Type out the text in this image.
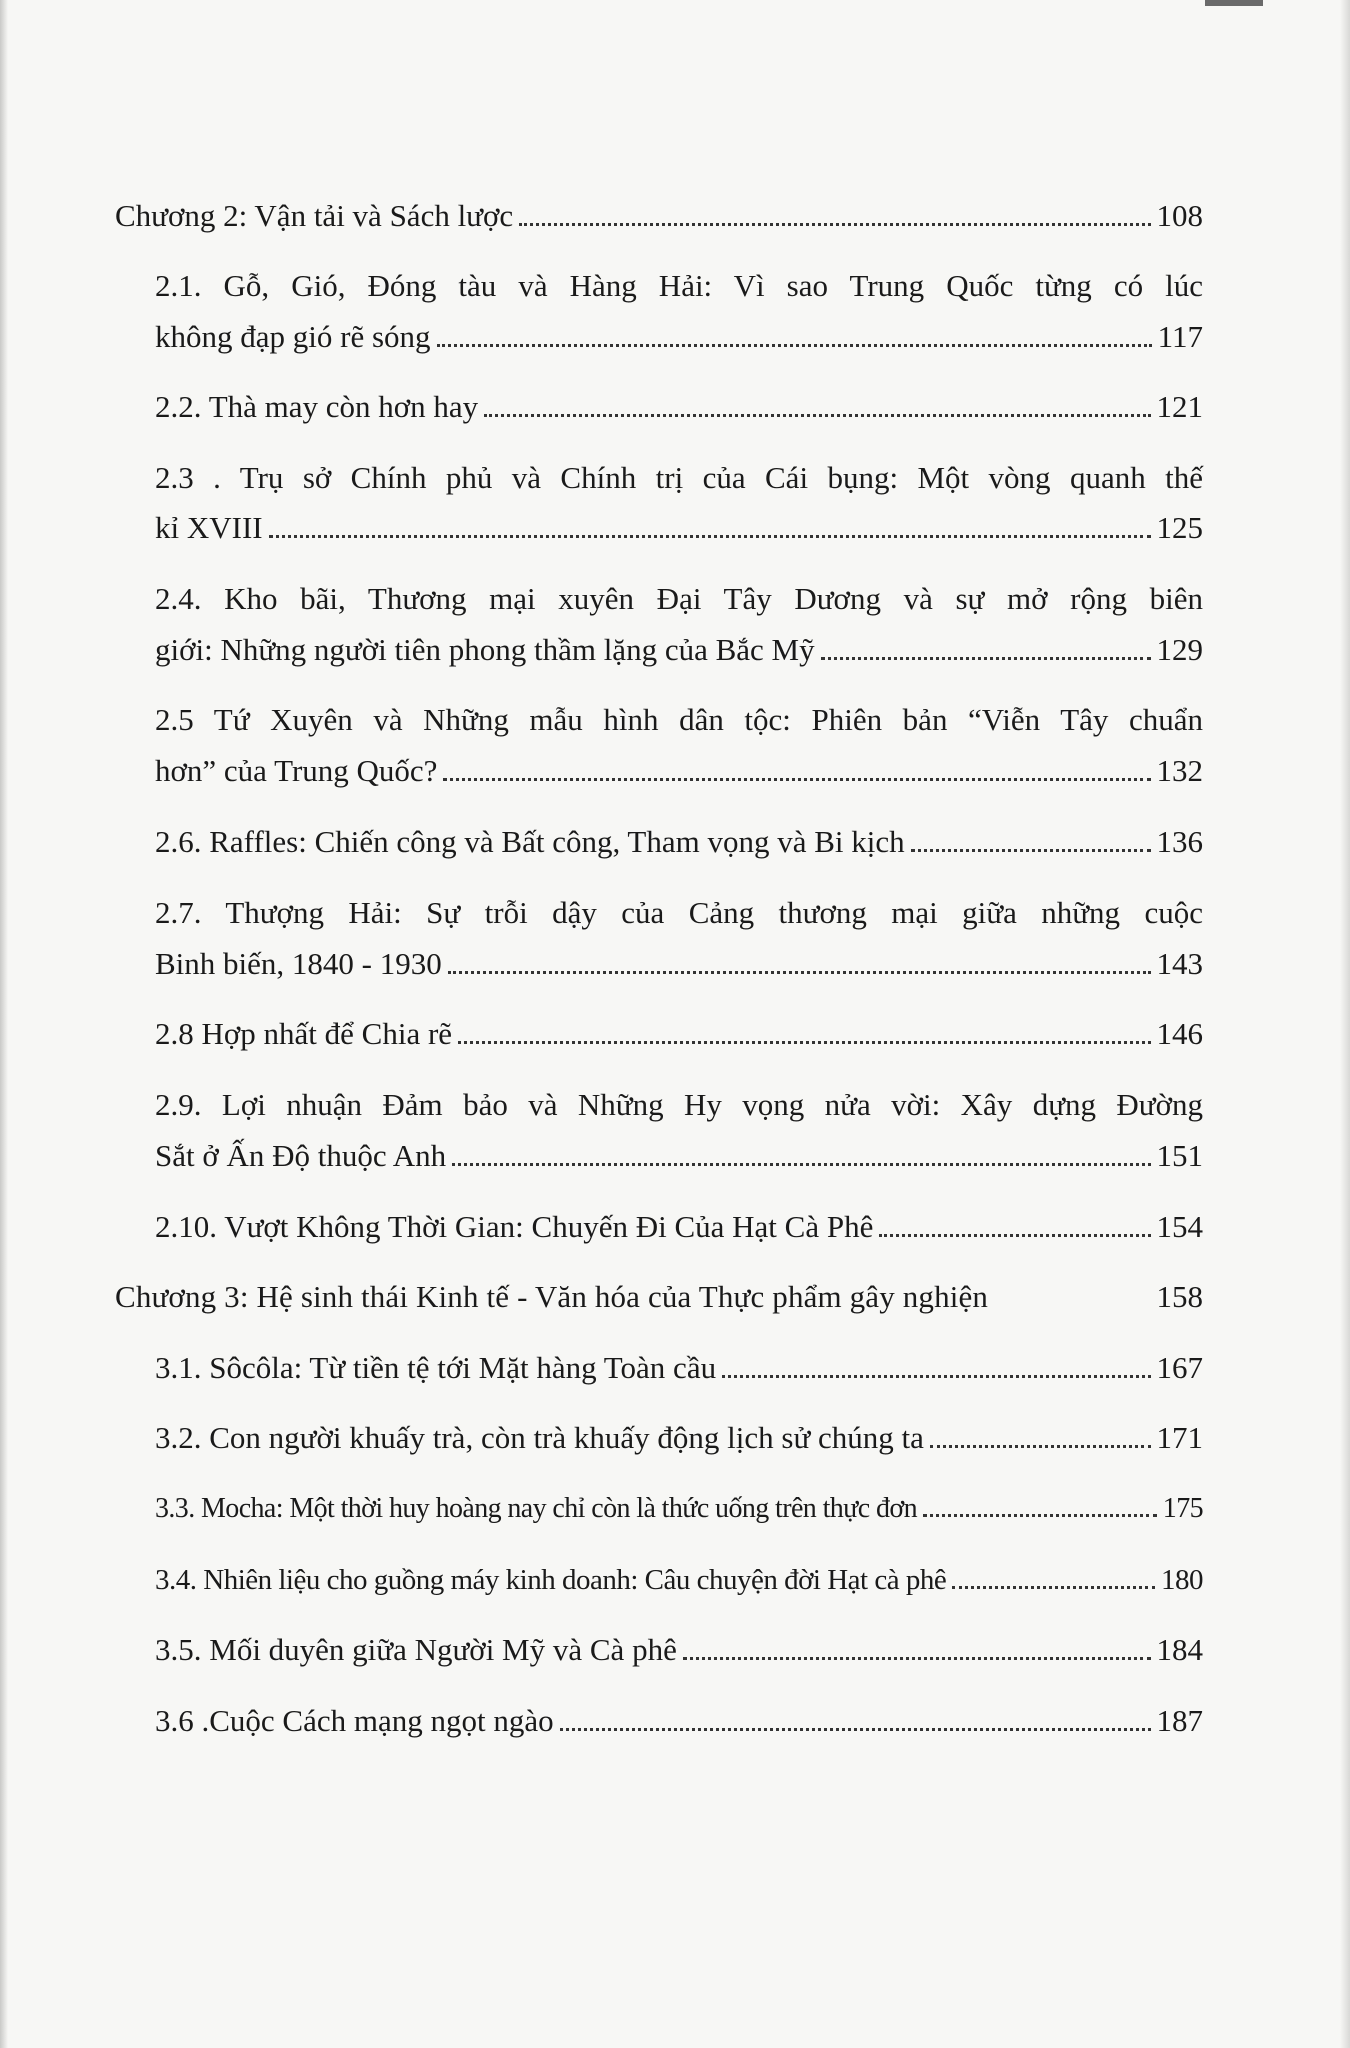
Chương 2: Vận tải và Sách lược	108
2.1. Gỗ, Gió, Đóng tàu và Hàng Hải: Vì sao Trung Quốc từng có lúc
không đạp gió rẽ sóng	117
2.2. Thà may còn hơn hay	121
2.3 . Trụ sở Chính phủ và Chính trị của Cái bụng: Một vòng quanh thế
kỉ XVIII	125
2.4. Kho bãi, Thương mại xuyên Đại Tây Dương và sự mở rộng biên
giới: Những người tiên phong thầm lặng của Bắc Mỹ	129
2.5 Tứ Xuyên và Những mẫu hình dân tộc: Phiên bản “Viễn Tây chuẩn
hơn” của Trung Quốc?	132
2.6. Raffles: Chiến công và Bất công, Tham vọng và Bi kịch	136
2.7. Thượng Hải: Sự trỗi dậy của Cảng thương mại giữa những cuộc
Binh biến, 1840 - 1930	143
2.8 Hợp nhất để Chia rẽ	146
2.9. Lợi nhuận Đảm bảo và Những Hy vọng nửa vời: Xây dựng Đường
Sắt ở Ấn Độ thuộc Anh	151
2.10. Vượt Không Thời Gian: Chuyến Đi Của Hạt Cà Phê	154
Chương 3: Hệ sinh thái Kinh tế - Văn hóa của Thực phẩm gây nghiện	158
3.1. Sôcôla: Từ tiền tệ tới Mặt hàng Toàn cầu	167
3.2. Con người khuấy trà, còn trà khuấy động lịch sử chúng ta	171
3.3. Mocha: Một thời huy hoàng nay chỉ còn là thức uống trên thực đơn	175
3.4. Nhiên liệu cho guồng máy kinh doanh: Câu chuyện đời Hạt cà phê	180
3.5. Mối duyên giữa Người Mỹ và Cà phê	184
3.6 .Cuộc Cách mạng ngọt ngào	187
